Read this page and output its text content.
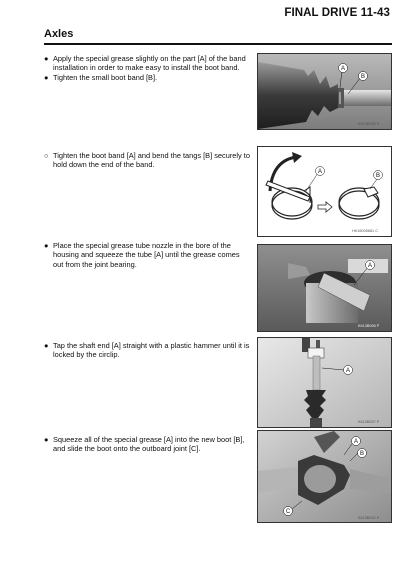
FINAL DRIVE 11-43
Axles
● Apply the special grease slightly on the part [A] of the band installation in order to make easy to install the boot band.
● Tighten the small boot band [B].
A
B
K613B055 P
○ Tighten the boot band [A] and bend the tangs [B] securely to hold down the end of the band.
A
B
HK16005661 C
● Place the special grease tube nozzle in the bore of the housing and squeeze the tube [A] until the grease comes out from the joint bearing.	A
K613B056 P
● Tap the shaft end [A] straight with a plastic hammer until it is locked by the circlip.
A
K613B057 P
● Squeeze all of the special grease [A] into the new boot [B], and slide the boot onto the outboard joint [C].
A
B
C
K613B042 P
